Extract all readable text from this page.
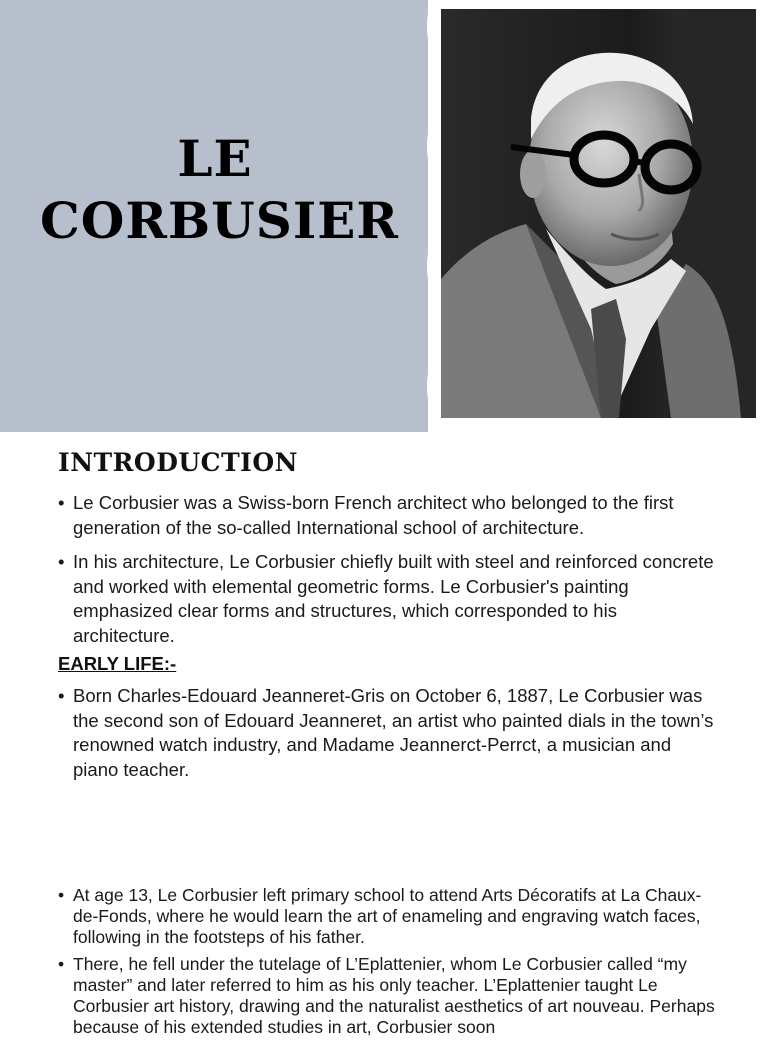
LE
CORBUSIER
INTRODUCTION
• Le Corbusier was a Swiss-born French architect who belonged to the first generation of the so-called International school of architecture.
• In his architecture, Le Corbusier chiefly built with steel and reinforced concrete and worked with elemental geometric forms. Le Corbusier's painting emphasized clear forms and structures, which corresponded to his architecture.
EARLY LIFE:-
• Born Charles-Edouard Jeanneret-Gris on October 6, 1887, Le Corbusier was the second son of Edouard Jeanneret, an artist who painted dials in the town’s renowned watch industry, and Madame Jeannerct-Perrct, a musician and piano teacher.
• At age 13, Le Corbusier left primary school to attend Arts Décoratifs at La Chaux-de-Fonds, where he would learn the art of enameling and engraving watch faces, following in the footsteps of his father.
• There, he fell under the tutelage of L’Eplattenier, whom Le Corbusier called “my master” and later referred to him as his only teacher. L’Eplattenier taught Le Corbusier art history, drawing and the naturalist aesthetics of art nouveau. Perhaps because of his extended studies in art, Corbusier soon
